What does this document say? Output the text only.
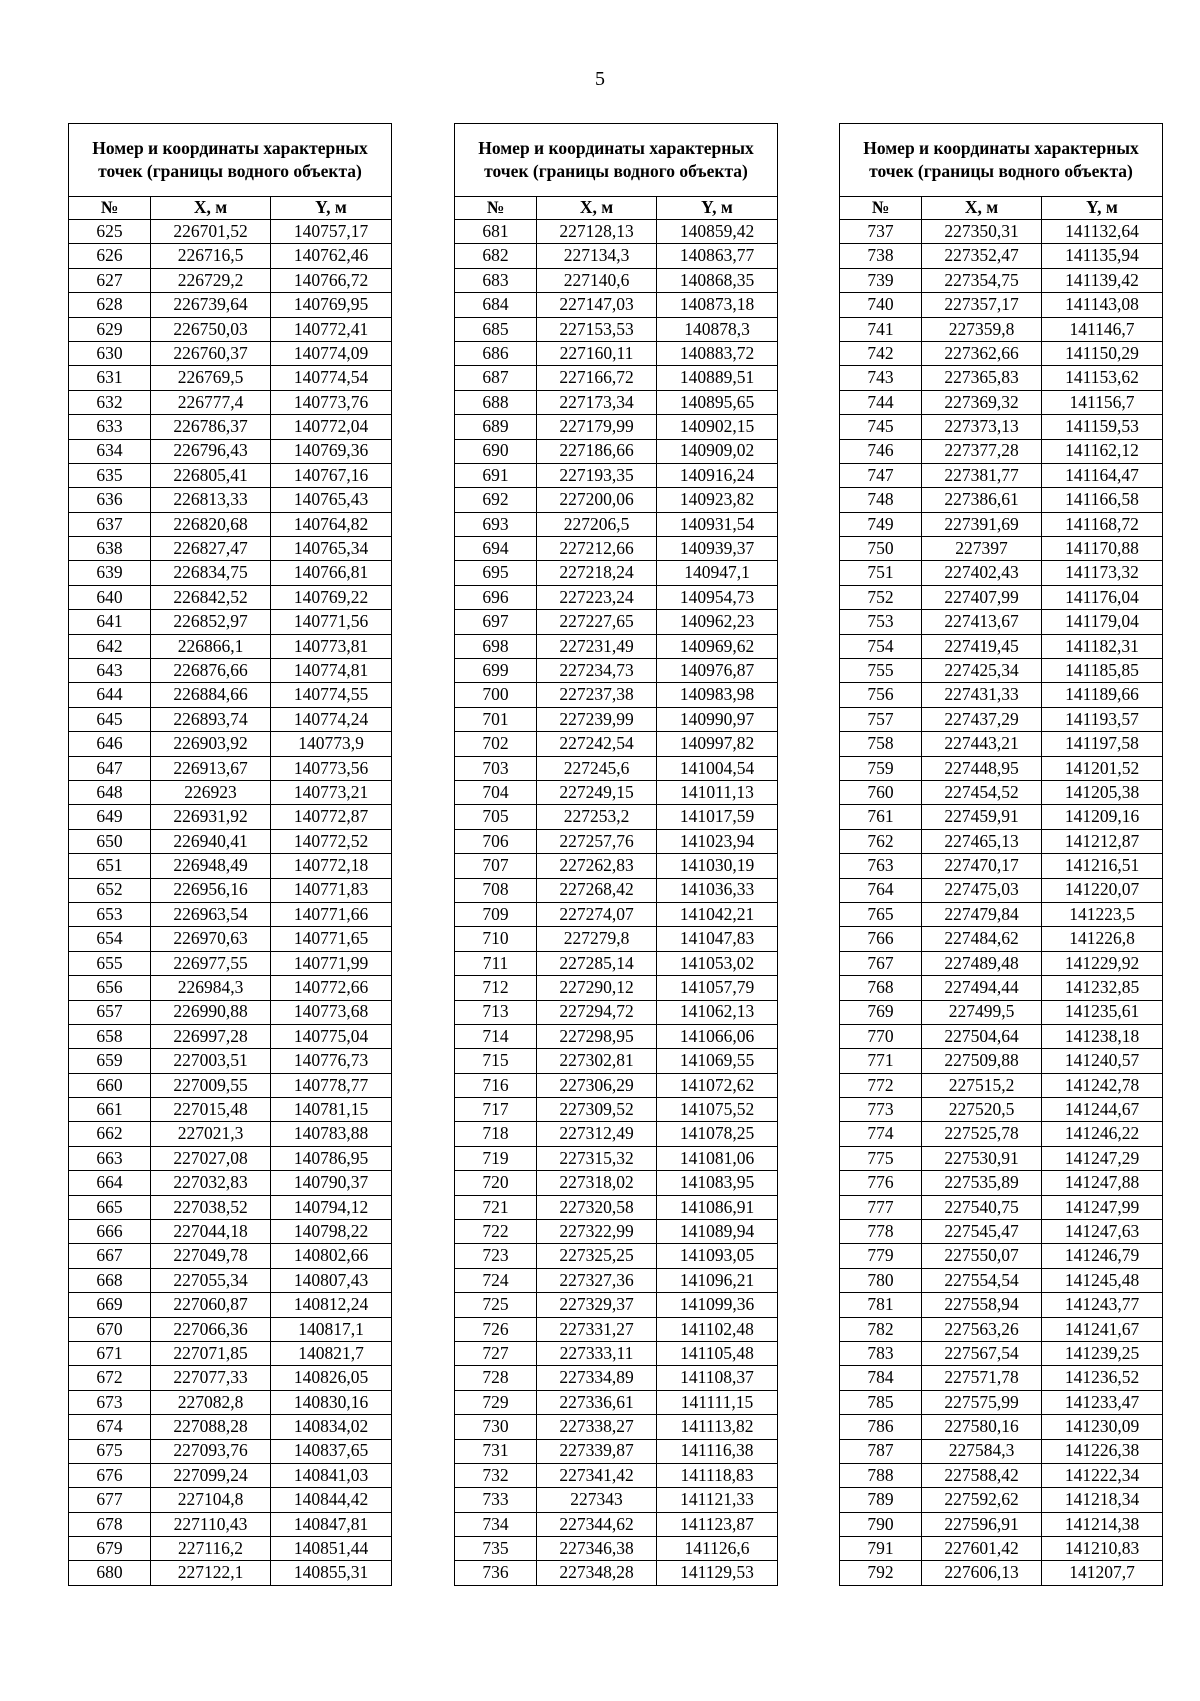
5
Номер и координаты характерных точек (границы водного объекта)		
№	X, м	Y, м
625	226701,52	140757,17
626	226716,5	140762,46
627	226729,2	140766,72
628	226739,64	140769,95
629	226750,03	140772,41
630	226760,37	140774,09
631	226769,5	140774,54
632	226777,4	140773,76
633	226786,37	140772,04
634	226796,43	140769,36
635	226805,41	140767,16
636	226813,33	140765,43
637	226820,68	140764,82
638	226827,47	140765,34
639	226834,75	140766,81
640	226842,52	140769,22
641	226852,97	140771,56
642	226866,1	140773,81
643	226876,66	140774,81
644	226884,66	140774,55
645	226893,74	140774,24
646	226903,92	140773,9
647	226913,67	140773,56
648	226923	140773,21
649	226931,92	140772,87
650	226940,41	140772,52
651	226948,49	140772,18
652	226956,16	140771,83
653	226963,54	140771,66
654	226970,63	140771,65
655	226977,55	140771,99
656	226984,3	140772,66
657	226990,88	140773,68
658	226997,28	140775,04
659	227003,51	140776,73
660	227009,55	140778,77
661	227015,48	140781,15
662	227021,3	140783,88
663	227027,08	140786,95
664	227032,83	140790,37
665	227038,52	140794,12
666	227044,18	140798,22
667	227049,78	140802,66
668	227055,34	140807,43
669	227060,87	140812,24
670	227066,36	140817,1
671	227071,85	140821,7
672	227077,33	140826,05
673	227082,8	140830,16
674	227088,28	140834,02
675	227093,76	140837,65
676	227099,24	140841,03
677	227104,8	140844,42
678	227110,43	140847,81
679	227116,2	140851,44
680	227122,1	140855,31
Номер и координаты характерных точек (границы водного объекта)		
№	X, м	Y, м
681	227128,13	140859,42
682	227134,3	140863,77
683	227140,6	140868,35
684	227147,03	140873,18
685	227153,53	140878,3
686	227160,11	140883,72
687	227166,72	140889,51
688	227173,34	140895,65
689	227179,99	140902,15
690	227186,66	140909,02
691	227193,35	140916,24
692	227200,06	140923,82
693	227206,5	140931,54
694	227212,66	140939,37
695	227218,24	140947,1
696	227223,24	140954,73
697	227227,65	140962,23
698	227231,49	140969,62
699	227234,73	140976,87
700	227237,38	140983,98
701	227239,99	140990,97
702	227242,54	140997,82
703	227245,6	141004,54
704	227249,15	141011,13
705	227253,2	141017,59
706	227257,76	141023,94
707	227262,83	141030,19
708	227268,42	141036,33
709	227274,07	141042,21
710	227279,8	141047,83
711	227285,14	141053,02
712	227290,12	141057,79
713	227294,72	141062,13
714	227298,95	141066,06
715	227302,81	141069,55
716	227306,29	141072,62
717	227309,52	141075,52
718	227312,49	141078,25
719	227315,32	141081,06
720	227318,02	141083,95
721	227320,58	141086,91
722	227322,99	141089,94
723	227325,25	141093,05
724	227327,36	141096,21
725	227329,37	141099,36
726	227331,27	141102,48
727	227333,11	141105,48
728	227334,89	141108,37
729	227336,61	141111,15
730	227338,27	141113,82
731	227339,87	141116,38
732	227341,42	141118,83
733	227343	141121,33
734	227344,62	141123,87
735	227346,38	141126,6
736	227348,28	141129,53
Номер и координаты характерных точек (границы водного объекта)		
№	X, м	Y, м
737	227350,31	141132,64
738	227352,47	141135,94
739	227354,75	141139,42
740	227357,17	141143,08
741	227359,8	141146,7
742	227362,66	141150,29
743	227365,83	141153,62
744	227369,32	141156,7
745	227373,13	141159,53
746	227377,28	141162,12
747	227381,77	141164,47
748	227386,61	141166,58
749	227391,69	141168,72
750	227397	141170,88
751	227402,43	141173,32
752	227407,99	141176,04
753	227413,67	141179,04
754	227419,45	141182,31
755	227425,34	141185,85
756	227431,33	141189,66
757	227437,29	141193,57
758	227443,21	141197,58
759	227448,95	141201,52
760	227454,52	141205,38
761	227459,91	141209,16
762	227465,13	141212,87
763	227470,17	141216,51
764	227475,03	141220,07
765	227479,84	141223,5
766	227484,62	141226,8
767	227489,48	141229,92
768	227494,44	141232,85
769	227499,5	141235,61
770	227504,64	141238,18
771	227509,88	141240,57
772	227515,2	141242,78
773	227520,5	141244,67
774	227525,78	141246,22
775	227530,91	141247,29
776	227535,89	141247,88
777	227540,75	141247,99
778	227545,47	141247,63
779	227550,07	141246,79
780	227554,54	141245,48
781	227558,94	141243,77
782	227563,26	141241,67
783	227567,54	141239,25
784	227571,78	141236,52
785	227575,99	141233,47
786	227580,16	141230,09
787	227584,3	141226,38
788	227588,42	141222,34
789	227592,62	141218,34
790	227596,91	141214,38
791	227601,42	141210,83
792	227606,13	141207,7
